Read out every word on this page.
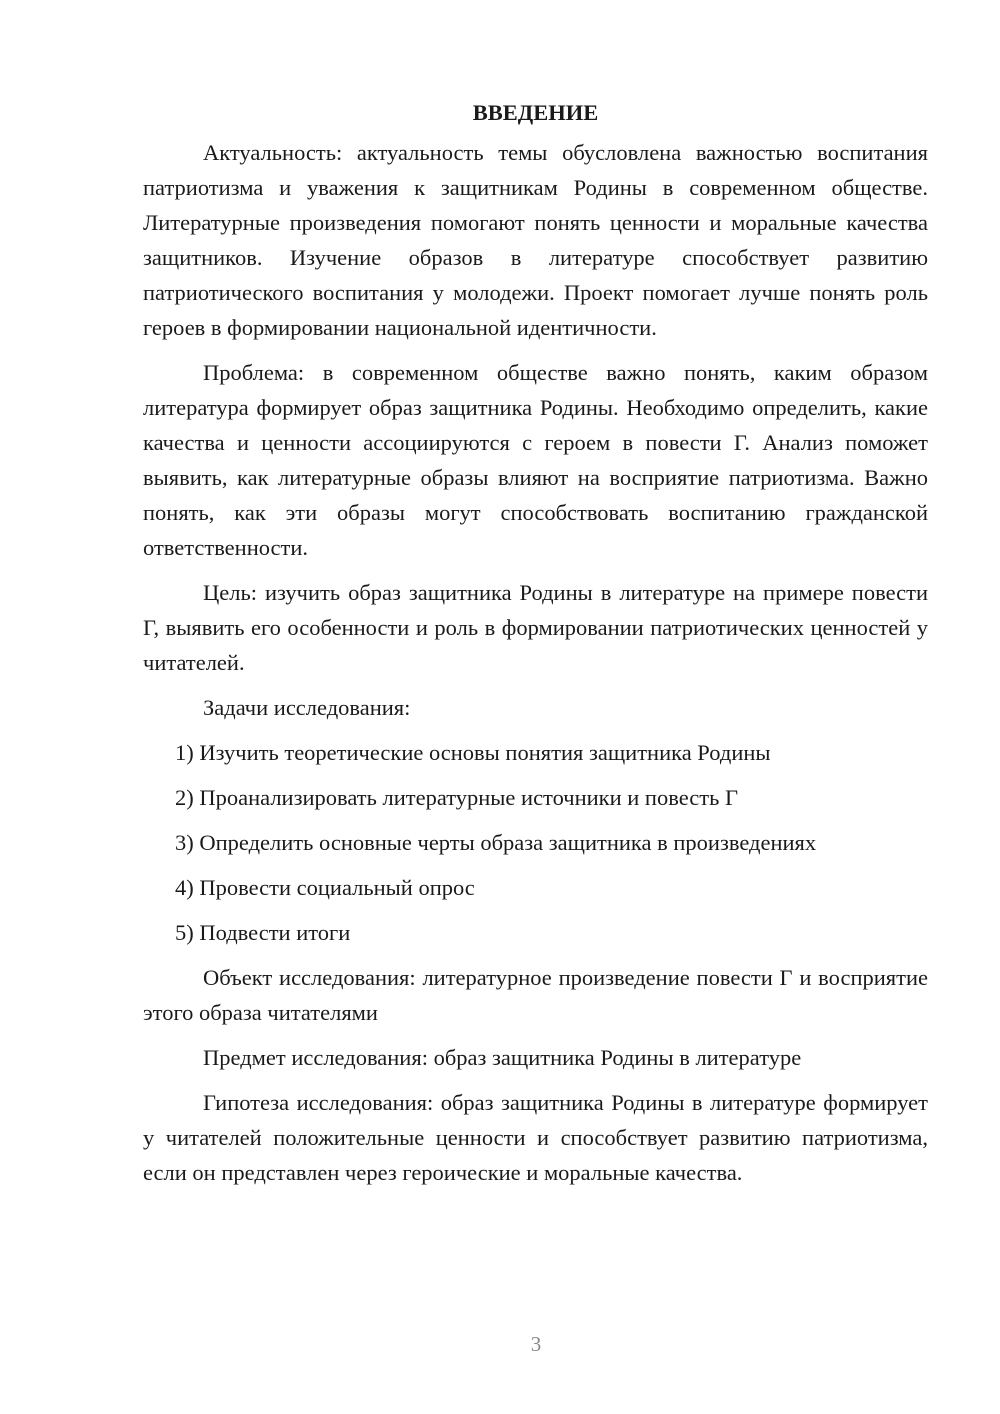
ВВЕДЕНИЕ
Актуальность: актуальность темы обусловлена важностью воспитания патриотизма и уважения к защитникам Родины в современном обществе. Литературные произведения помогают понять ценности и моральные качества защитников. Изучение образов в литературе способствует развитию патриотического воспитания у молодежи. Проект помогает лучше понять роль героев в формировании национальной идентичности.
Проблема: в современном обществе важно понять, каким образом литература формирует образ защитника Родины. Необходимо определить, какие качества и ценности ассоциируются с героем в повести Г. Анализ поможет выявить, как литературные образы влияют на восприятие патриотизма. Важно понять, как эти образы могут способствовать воспитанию гражданской ответственности.
Цель: изучить образ защитника Родины в литературе на примере повести Г, выявить его особенности и роль в формировании патриотических ценностей у читателей.
Задачи исследования:
1) Изучить теоретические основы понятия защитника Родины
2) Проанализировать литературные источники и повесть Г
3) Определить основные черты образа защитника в произведениях
4) Провести социальный опрос
5) Подвести итоги
Объект исследования: литературное произведение повести Г и восприятие этого образа читателями
Предмет исследования: образ защитника Родины в литературе
Гипотеза исследования: образ защитника Родины в литературе формирует у читателей положительные ценности и способствует развитию патриотизма, если он представлен через героические и моральные качества.
3
